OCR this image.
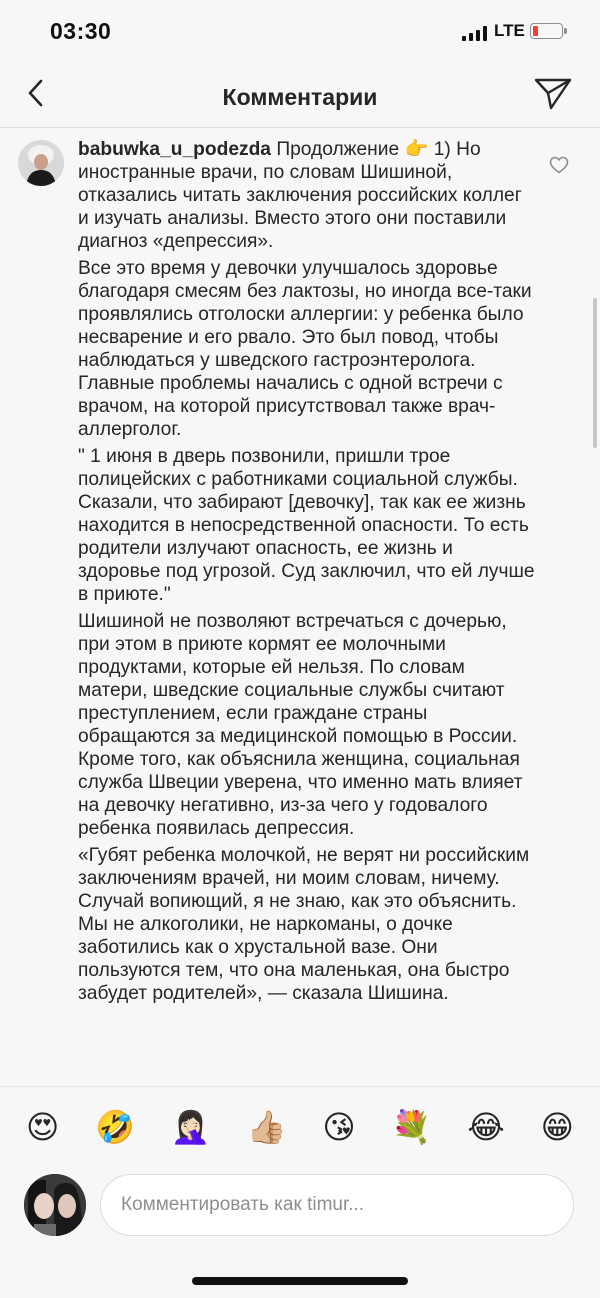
03:30	LTE
Комментарии

babuwka_u_podezda Продолжение 👉 1) Но иностранные врачи, по словам Шишиной, отказались читать заключения российских коллег и изучать анализы. Вместо этого они поставили диагноз «депрессия».

Все это время у девочки улучшалось здоровье благодаря смесям без лактозы, но иногда все-таки проявлялись отголоски аллергии: у ребенка было несварение и его рвало. Это был повод, чтобы наблюдаться у шведского гастроэнтеролога. Главные проблемы начались с одной встречи с врачом, на которой присутствовал также врач-аллерголог.

" 1 июня в дверь позвонили, пришли трое полицейских с работниками социальной службы. Сказали, что забирают [девочку], так как ее жизнь находится в непосредственной опасности. То есть родители излучают опасность, ее жизнь и здоровье под угрозой. Суд заключил, что ей лучше в приюте."

Шишиной не позволяют встречаться с дочерью, при этом в приюте кормят ее молочными продуктами, которые ей нельзя. По словам матери, шведские социальные службы считают преступлением, если граждане страны обращаются за медицинской помощью в России. Кроме того, как объяснила женщина, социальная служба Швеции уверена, что именно мать влияет на девочку негативно, из-за чего у годовалого ребенка появилась депрессия.

«Губят ребенка молочкой, не верят ни российским заключениям врачей, ни моим словам, ничему. Случай вопиющий, я не знаю, как это объяснить. Мы не алкоголики, не наркоманы, о дочке заботились как о хрустальной вазе. Они пользуются тем, что она маленькая, она быстро забудет родителей», — сказала Шишина.

😍 🤣 🤦🏻‍♀️ 👍🏼 😘 💐 😂 😁
Комментировать как timur...
